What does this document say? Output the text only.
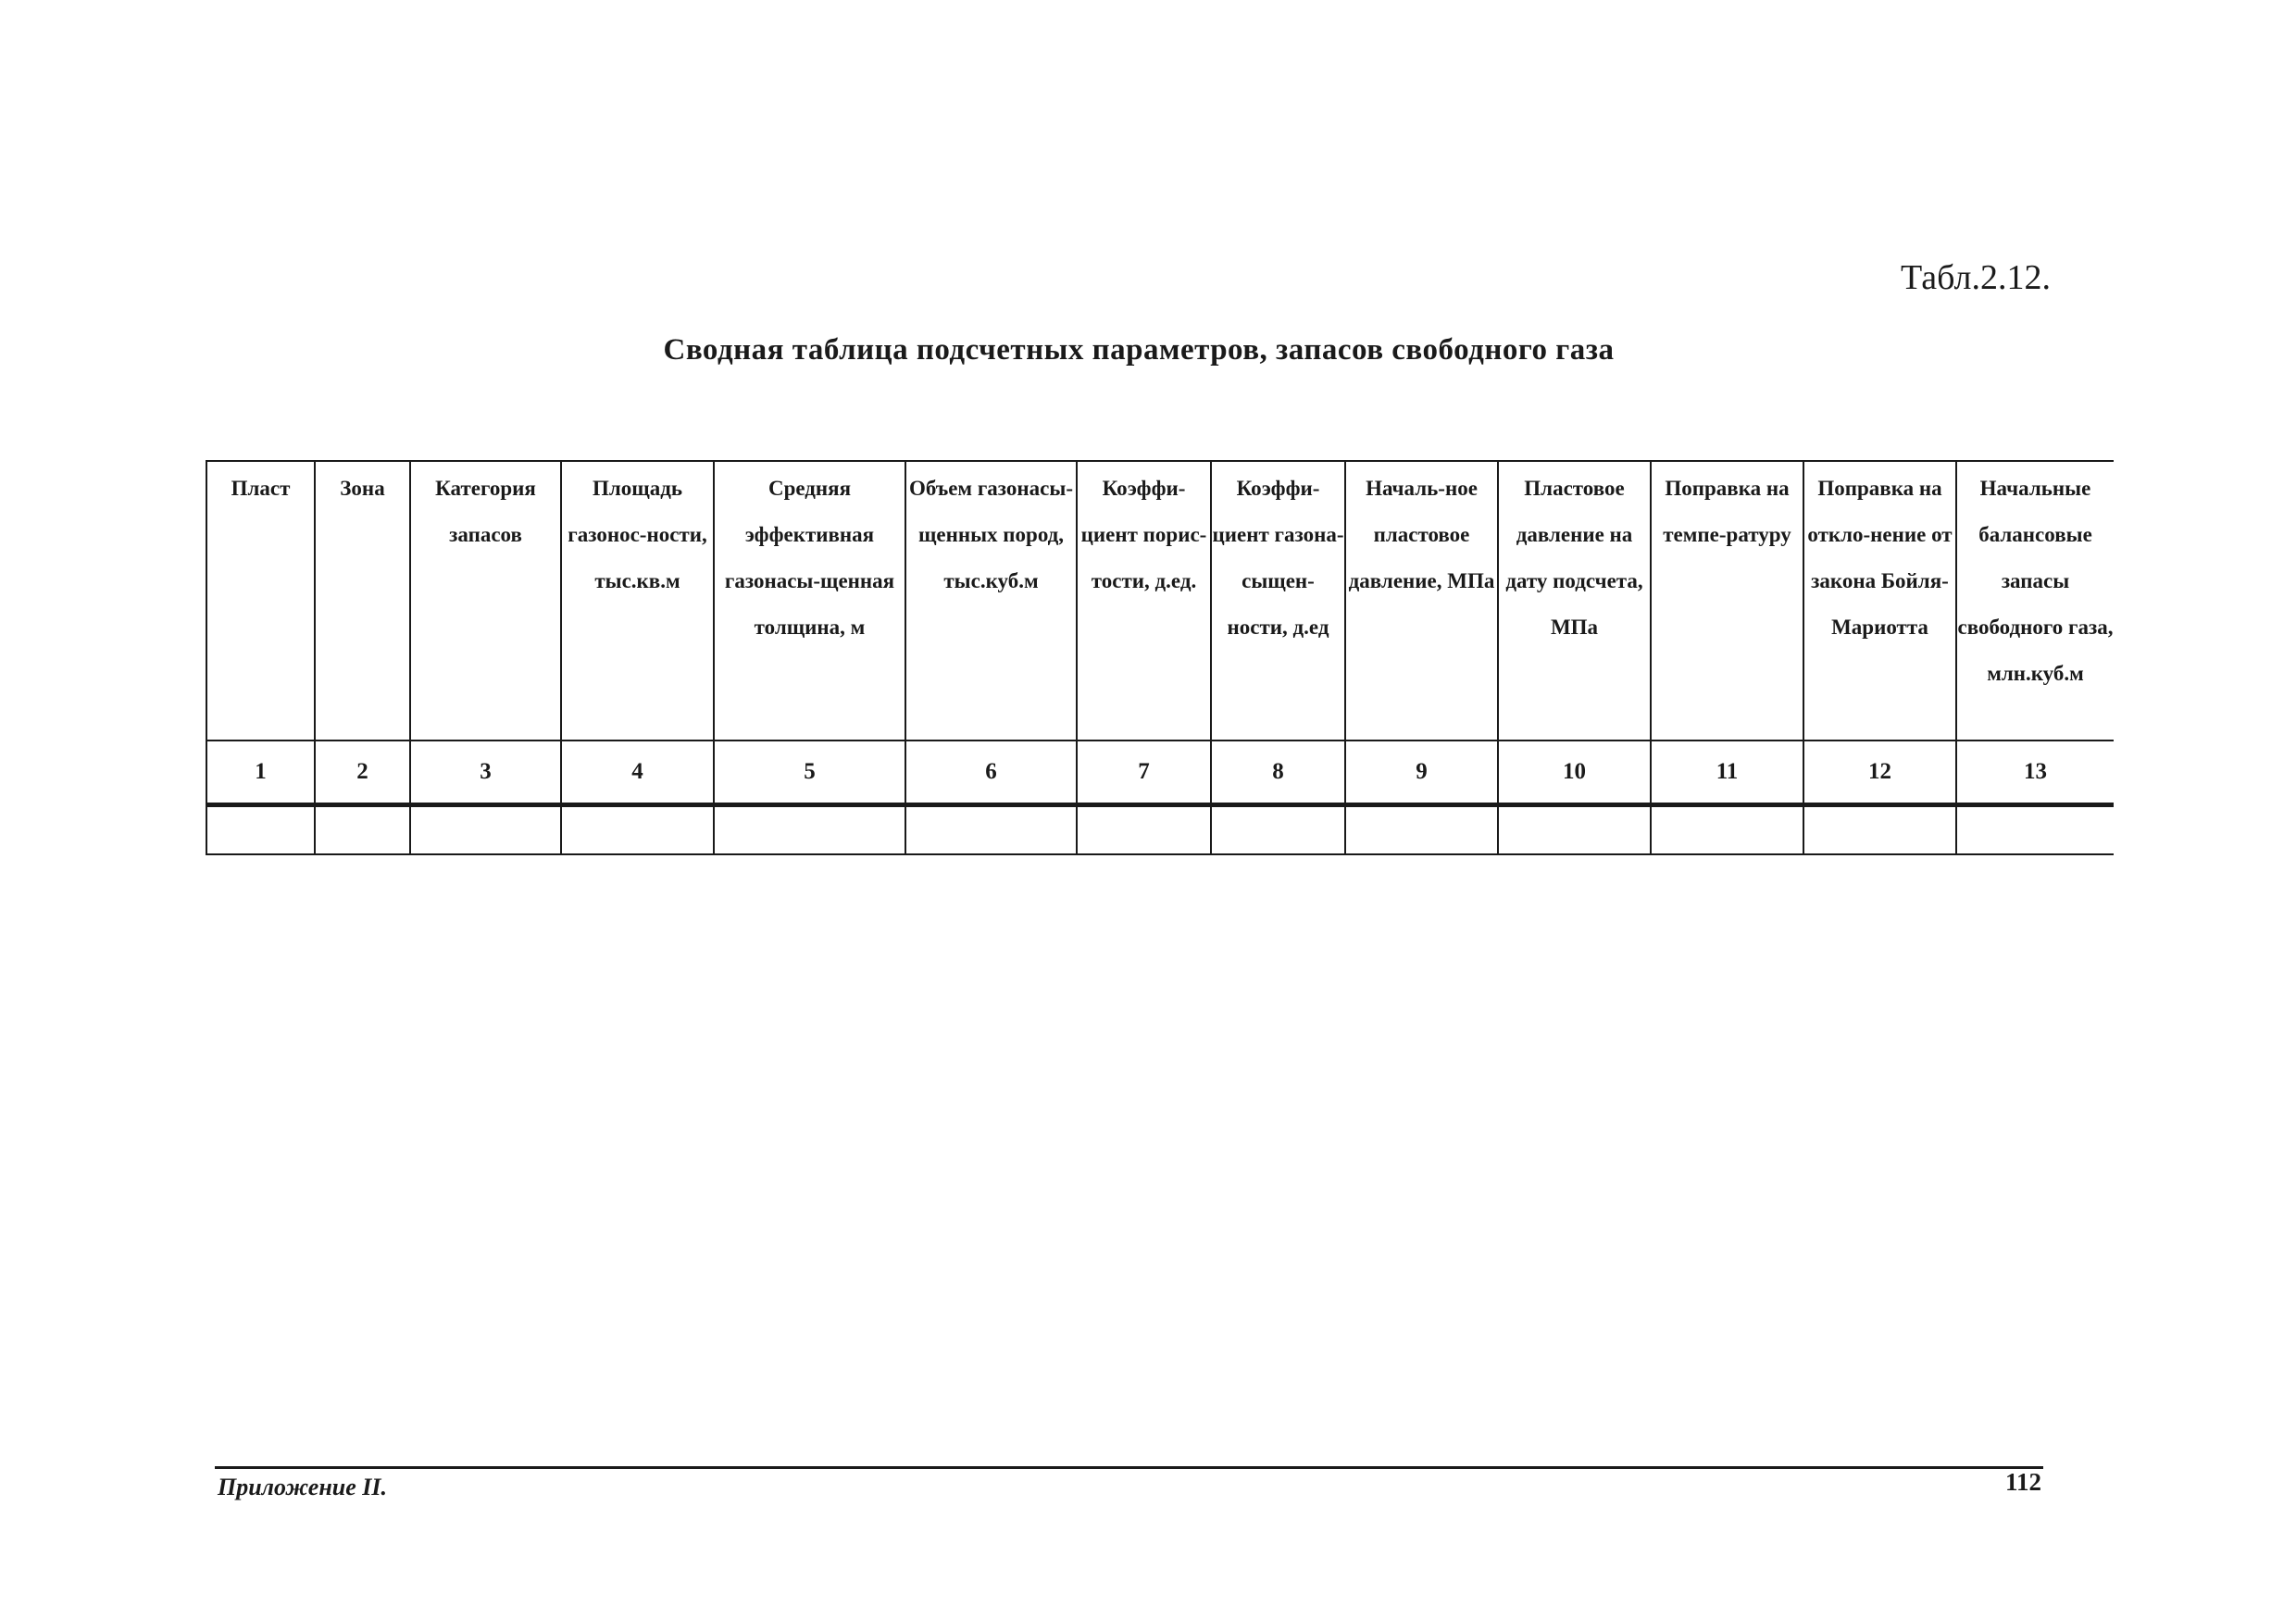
Табл.2.12.
Сводная таблица подсчетных параметров, запасов свободного газа
Пласт	Зона	Категория запасов	Площадь газонос-ности, тыс.кв.м	Средняя эффективная газонасы-щенная толщина, м	Объем газонасы-щенных пород, тыс.куб.м	Коэффи-циент порис-тости, д.ед.	Коэффи-циент газона-сыщен-ности, д.ед	Началь-ное пластовое давление, МПа	Пластовое давление на дату подсчета, МПа	Поправка на темпе-ратуру	Поправка на откло-нение от закона Бойля-Мариотта	Начальные балансовые запасы свободного газа, млн.куб.м

1	2	3	4	5	6	7	8	9	10	11	12	13

Приложение II.	112
